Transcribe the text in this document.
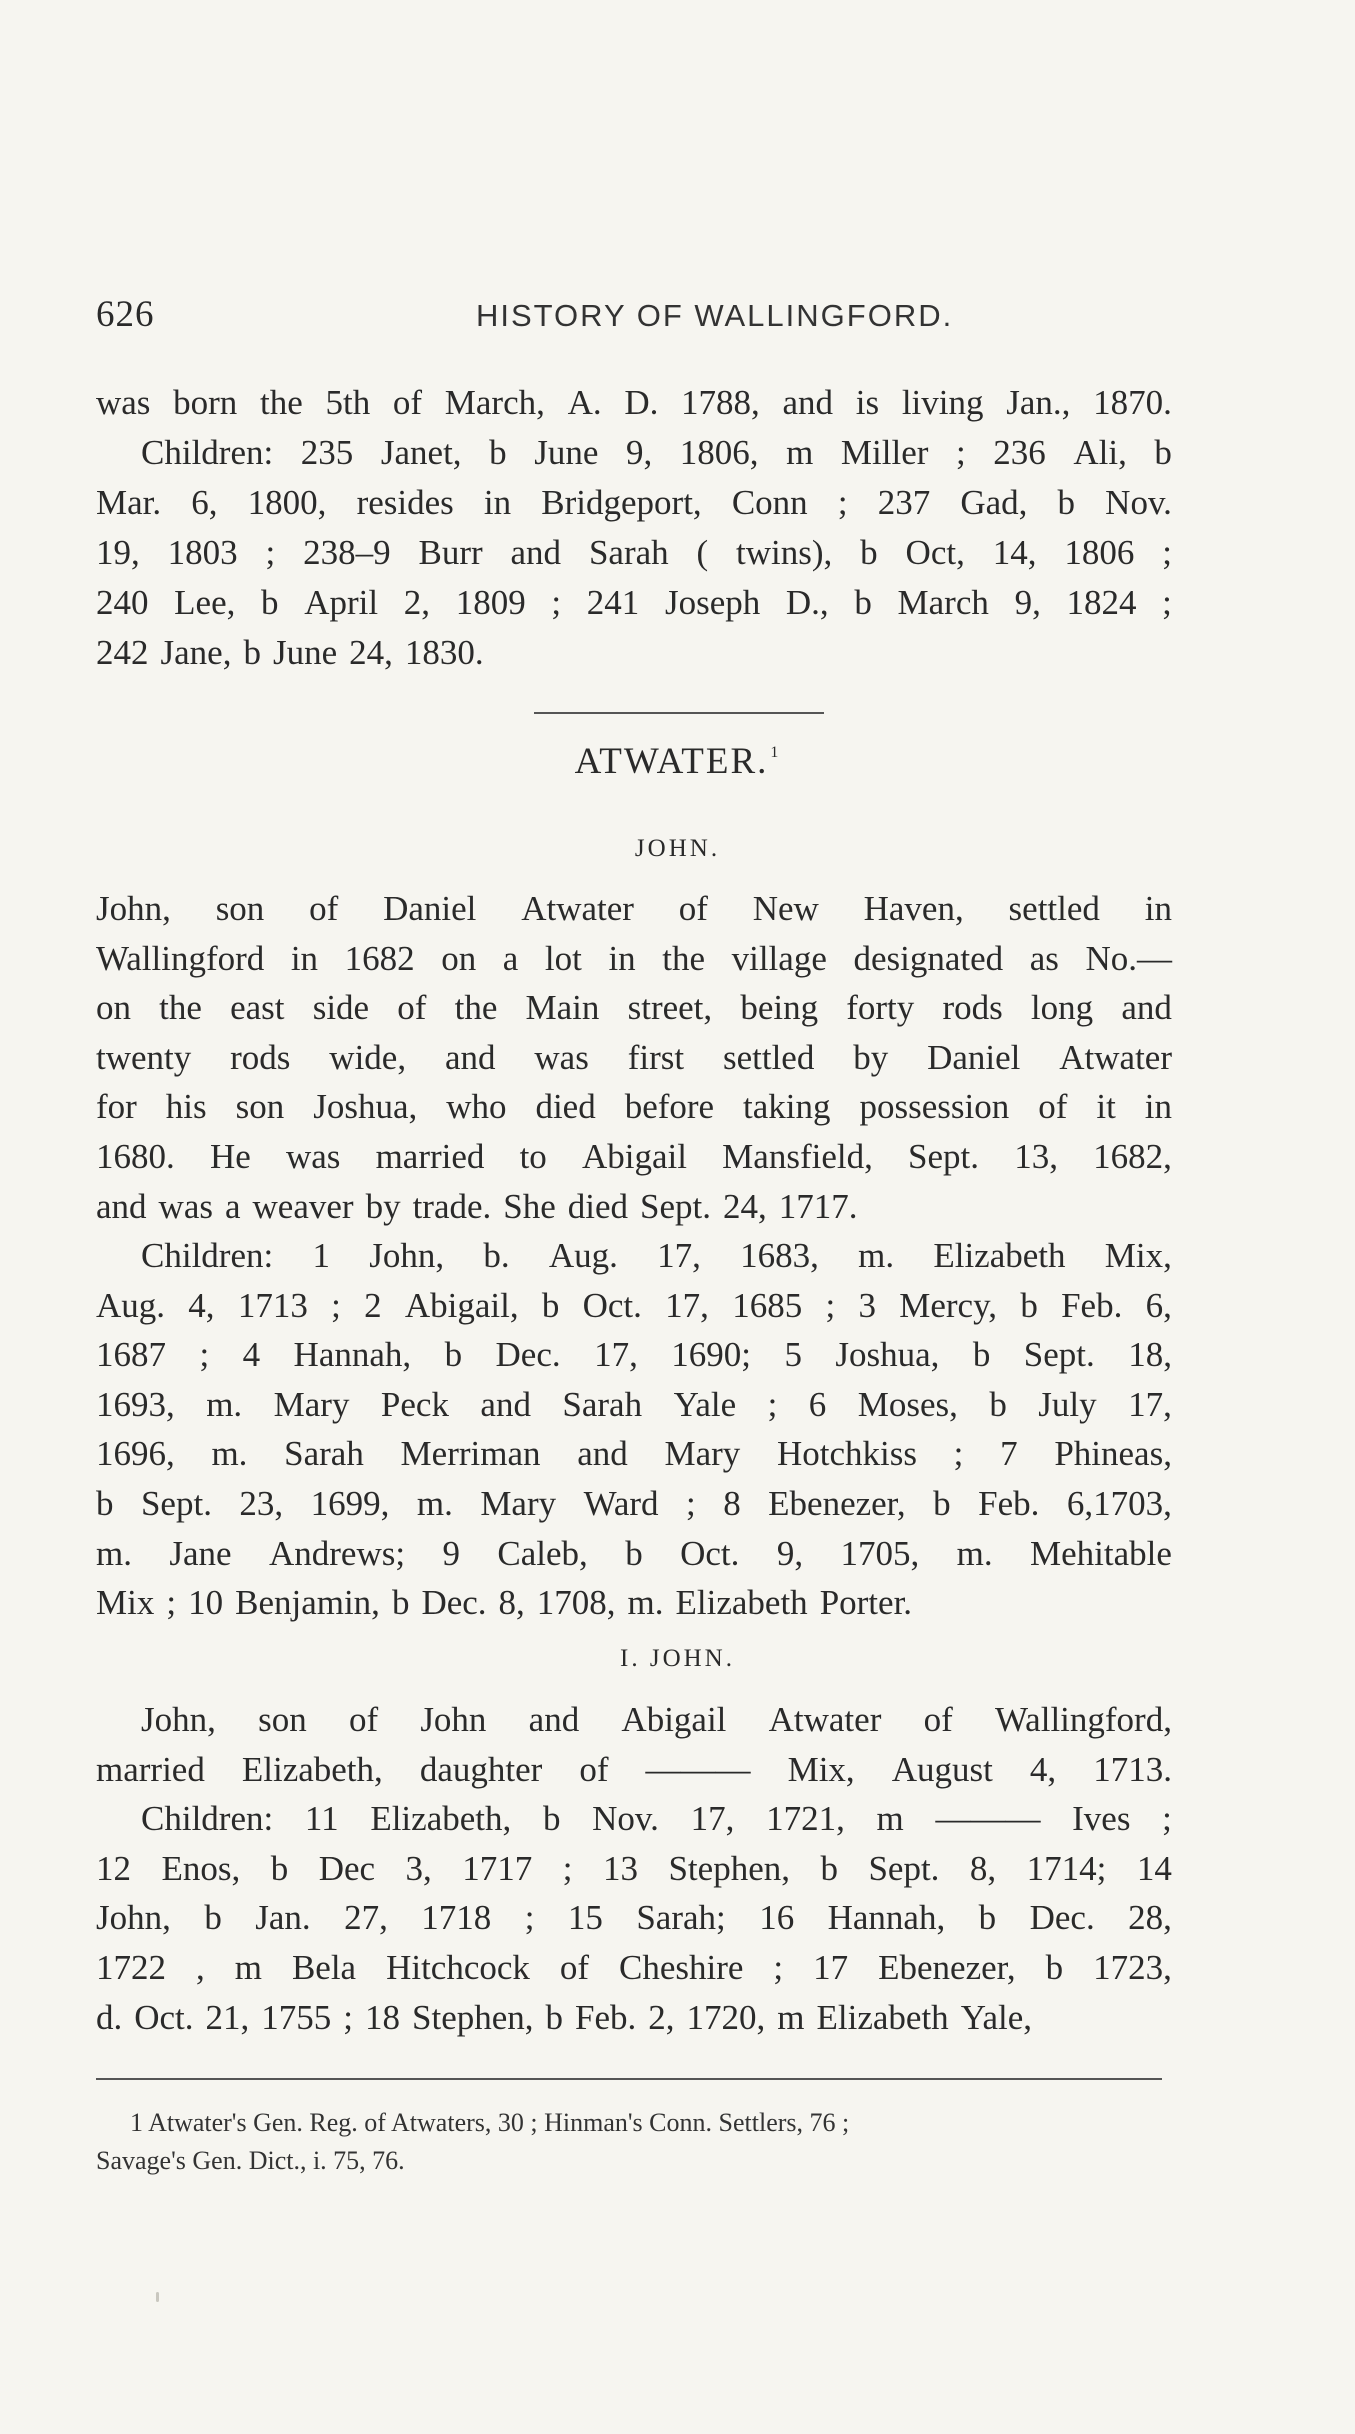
626	HISTORY OF WALLINGFORD.
was born the 5th of March, A. D. 1788, and is living Jan., 1870.
Children: 235 Janet, b June 9, 1806, m Miller ; 236 Ali, b
Mar. 6, 1800, resides in Bridgeport, Conn ; 237 Gad, b Nov.
19, 1803 ; 238–9 Burr and Sarah ( twins), b Oct, 14, 1806 ;
240 Lee, b April 2, 1809 ; 241 Joseph D., b March 9, 1824 ;
242 Jane, b June 24, 1830.
ATWATER. $^1$
JOHN.
John, son of Daniel Atwater of New Haven, settled in
Wallingford in 1682 on a lot in the village designated as No.—
on the east side of the Main street, being forty rods long and
twenty rods wide, and was first settled by Daniel Atwater
for his son Joshua, who died before taking possession of it in
1680. He was married to Abigail Mansfield, Sept. 13, 1682,
and was a weaver by trade. She died Sept. 24, 1717.
Children: 1 John, b. Aug. 17, 1683, m. Elizabeth Mix,
Aug. 4, 1713 ; 2 Abigail, b Oct. 17, 1685 ; 3 Mercy, b Feb. 6,
1687 ; 4 Hannah, b Dec. 17, 1690; 5 Joshua, b Sept. 18,
1693, m. Mary Peck and Sarah Yale ; 6 Moses, b July 17,
1696, m. Sarah Merriman and Mary Hotchkiss ; 7 Phineas,
b Sept. 23, 1699, m. Mary Ward ; 8 Ebenezer, b Feb. 6,1703,
m. Jane Andrews; 9 Caleb, b Oct. 9, 1705, m. Mehitable
Mix ; 10 Benjamin, b Dec. 8, 1708, m. Elizabeth Porter.
I. JOHN.
John, son of John and Abigail Atwater of Wallingford,
married Elizabeth, daughter of ——— Mix, August 4, 1713.
Children: 11 Elizabeth, b Nov. 17, 1721, m ——— Ives ;
12 Enos, b Dec 3, 1717 ; 13 Stephen, b Sept. 8, 1714; 14
John, b Jan. 27, 1718 ; 15 Sarah; 16 Hannah, b Dec. 28,
1722 , m Bela Hitchcock of Cheshire ; 17 Ebenezer, b 1723,
d. Oct. 21, 1755 ; 18 Stephen, b Feb. 2, 1720, m Elizabeth Yale,
1 Atwater's Gen. Reg. of Atwaters, 30 ; Hinman's Conn. Settlers, 76 ;
Savage's Gen. Dict., i. 75, 76.
